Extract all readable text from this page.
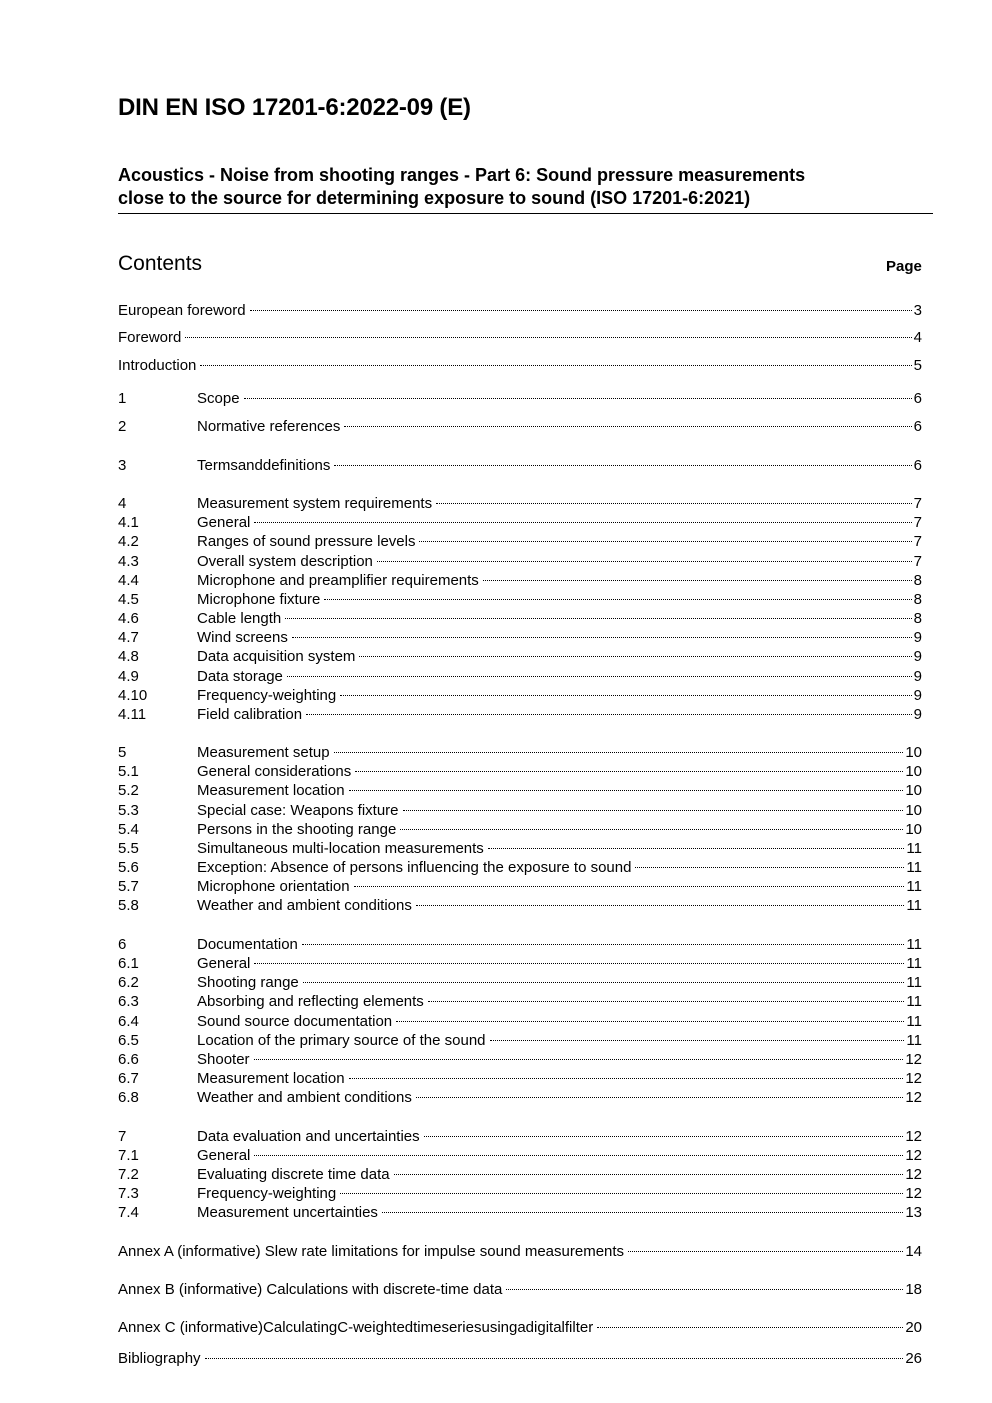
DIN EN ISO 17201-6:2022-09 (E)
Acoustics - Noise from shooting ranges - Part 6: Sound pressure measurements
close to the source for determining exposure to sound (ISO 17201-6:2021)
Contents	Page
European foreword	3
Foreword	4
Introduction	5
1	Scope	6
2	Normative references	6
3	Termsanddefinitions	6
4	Measurement system requirements	7
4.1	General	7
4.2	Ranges of sound pressure levels	7
4.3	Overall system description	7
4.4	Microphone and preamplifier requirements	8
4.5	Microphone fixture	8
4.6	Cable length	8
4.7	Wind screens	9
4.8	Data acquisition system	9
4.9	Data storage	9
4.10	Frequency-weighting	9
4.11	Field calibration	9
5	Measurement setup	10
5.1	General considerations	10
5.2	Measurement location	10
5.3	Special case: Weapons fixture	10
5.4	Persons in the shooting range	10
5.5	Simultaneous multi-location measurements	11
5.6	Exception: Absence of persons influencing the exposure to sound	11
5.7	Microphone orientation	11
5.8	Weather and ambient conditions	11
6	Documentation	11
6.1	General	11
6.2	Shooting range	11
6.3	Absorbing and reflecting elements	11
6.4	Sound source documentation	11
6.5	Location of the primary source of the sound	11
6.6	Shooter	12
6.7	Measurement location	12
6.8	Weather and ambient conditions	12
7	Data evaluation and uncertainties	12
7.1	General	12
7.2	Evaluating discrete time data	12
7.3	Frequency-weighting	12
7.4	Measurement uncertainties	13
Annex A (informative) Slew rate limitations for impulse sound measurements	14
Annex B (informative) Calculations with discrete-time data	18
Annex C (informative)CalculatingC-weightedtimeseriesusingadigitalfilter	20
Bibliography	26
